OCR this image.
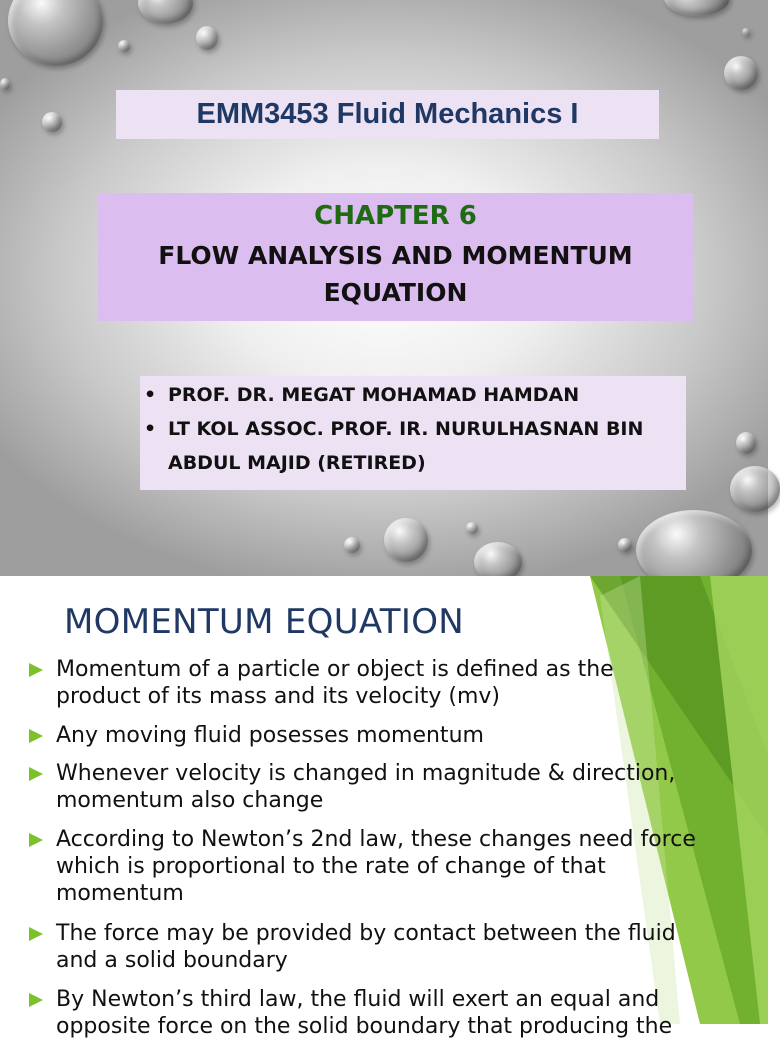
EMM3453 Fluid Mechanics I
CHAPTER 6
FLOW ANALYSIS AND MOMENTUM
EQUATION
• PROF. DR. MEGAT MOHAMAD HAMDAN
• LT KOL ASSOC. PROF. IR. NURULHASNAN BIN
ABDUL MAJID (RETIRED)
MOMENTUM EQUATION
Momentum of a particle or object is defined as the
product of its mass and its velocity (mv)
Any moving fluid posesses momentum
Whenever velocity is changed in magnitude & direction,
momentum also change
According to Newton’s 2nd law, these changes need force
which is proportional to the rate of change of that
momentum
The force may be provided by contact between the fluid
and a solid boundary
By Newton’s third law, the fluid will exert an equal and
opposite force on the solid boundary that producing the
